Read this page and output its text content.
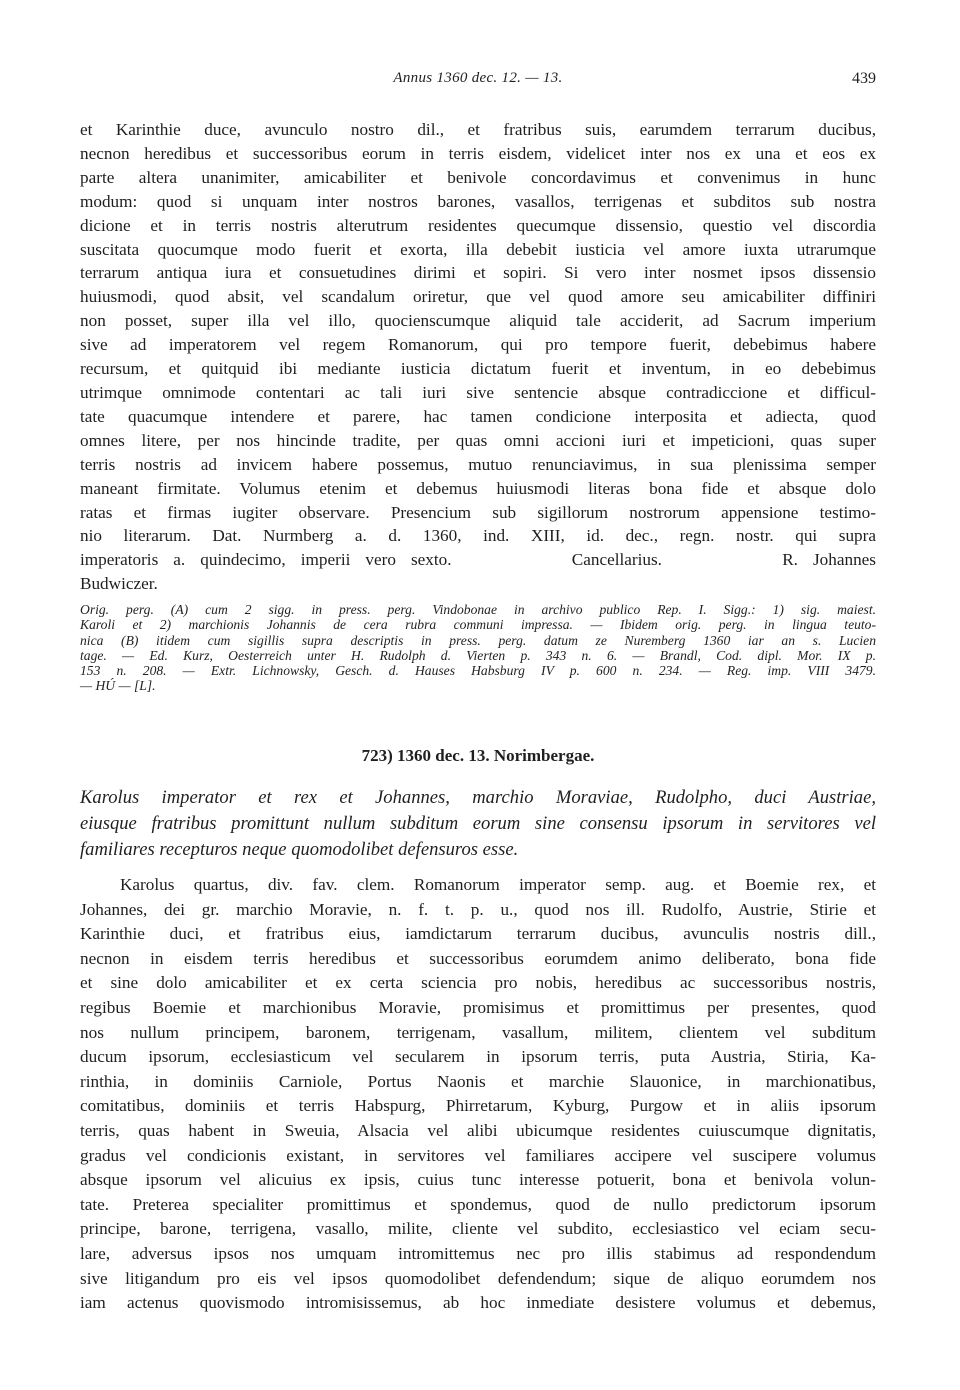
Annus 1360 dec. 12. — 13.	439
et Karinthie duce, avunculo nostro dil., et fratribus suis, earumdem terrarum ducibus,
necnon heredibus et successoribus eorum in terris eisdem, videlicet inter nos ex una et eos ex
parte altera unanimiter, amicabiliter et benivole concordavimus et convenimus in hunc
modum: quod si unquam inter nostros barones, vasallos, terrigenas et subditos sub nostra
dicione et in terris nostris alterutrum residentes quecumque dissensio, questio vel discordia
suscitata quocumque modo fuerit et exorta, illa debebit iusticia vel amore iuxta utrarumque
terrarum antiqua iura et consuetudines dirimi et sopiri. Si vero inter nosmet ipsos dissensio
huiusmodi, quod absit, vel scandalum oriretur, que vel quod amore seu amicabiliter diffiniri
non posset, super illa vel illo, quocienscumque aliquid tale acciderit, ad Sacrum imperium
sive ad imperatorem vel regem Romanorum, qui pro tempore fuerit, debebimus habere
recursum, et quitquid ibi mediante iusticia dictatum fuerit et inventum, in eo debebimus
utrimque omnimode contentari ac tali iuri sive sentencie absque contradiccione et difficul-
tate quacumque intendere et parere, hac tamen condicione interposita et adiecta, quod
omnes litere, per nos hincinde tradite, per quas omni accioni iuri et impeticioni, quas super
terris nostris ad invicem habere possemus, mutuo renunciavimus, in sua plenissima semper
maneant firmitate. Volumus etenim et debemus huiusmodi literas bona fide et absque dolo
ratas et firmas iugiter observare. Presencium sub sigillorum nostrorum appensione testimo-
nio literarum. Dat. Nurmberg a. d. 1360, ind. XIII, id. dec., regn. nostr. qui supra
imperatoris a. quindecimo, imperii vero sexto.        Cancellarius.        R. Johannes
Budwiczer.
Orig. perg. (A) cum 2 sigg. in press. perg. Vindobonae in archivo publico Rep. I. Sigg.: 1) sig. maiest.
Karoli et 2) marchionis Johannis de cera rubra communi impressa. — Ibidem orig. perg. in lingua teuto-
nica (B) itidem cum sigillis supra descriptis in press. perg. datum ze Nuremberg 1360 iar an s. Lucien
tage. — Ed. Kurz, Oesterreich unter H. Rudolph d. Vierten p. 343 n. 6. — Brandl, Cod. dipl. Mor. IX p.
153 n. 208. — Extr. Lichnowsky, Gesch. d. Hauses Habsburg IV p. 600 n. 234. — Reg. imp. VIII 3479.
— HÚ — [L].
723) 1360 dec. 13. Norimbergae.
Karolus imperator et rex et Johannes, marchio Moraviae, Rudolpho, duci Austriae,
eiusque fratribus promittunt nullum subditum eorum sine consensu ipsorum in servitores vel
familiares recepturos neque quomodolibet defensuros esse.
Karolus quartus, div. fav. clem. Romanorum imperator semp. aug. et Boemie rex, et
Johannes, dei gr. marchio Moravie, n. f. t. p. u., quod nos ill. Rudolfo, Austrie, Stirie et
Karinthie duci, et fratribus eius, iamdictarum terrarum ducibus, avunculis nostris dill.,
necnon in eisdem terris heredibus et successoribus eorumdem animo deliberato, bona fide
et sine dolo amicabiliter et ex certa sciencia pro nobis, heredibus ac successoribus nostris,
regibus Boemie et marchionibus Moravie, promisimus et promittimus per presentes, quod
nos nullum principem, baronem, terrigenam, vasallum, militem, clientem vel subditum
ducum ipsorum, ecclesiasticum vel secularem in ipsorum terris, puta Austria, Stiria, Ka-
rinthia, in dominiis Carniole, Portus Naonis et marchie Slauonice, in marchionatibus,
comitatibus, dominiis et terris Habspurg, Phirretarum, Kyburg, Purgow et in aliis ipsorum
terris, quas habent in Sweuia, Alsacia vel alibi ubicumque residentes cuiuscumque dignitatis,
gradus vel condicionis existant, in servitores vel familiares accipere vel suscipere volumus
absque ipsorum vel alicuius ex ipsis, cuius tunc interesse potuerit, bona et benivola volun-
tate. Preterea specialiter promittimus et spondemus, quod de nullo predictorum ipsorum
principe, barone, terrigena, vasallo, milite, cliente vel subdito, ecclesiastico vel eciam secu-
lare, adversus ipsos nos umquam intromittemus nec pro illis stabimus ad respondendum
sive litigandum pro eis vel ipsos quomodolibet defendendum; sique de aliquo eorumdem nos
iam actenus quovismodo intromisissemus, ab hoc inmediate desistere volumus et debemus,
